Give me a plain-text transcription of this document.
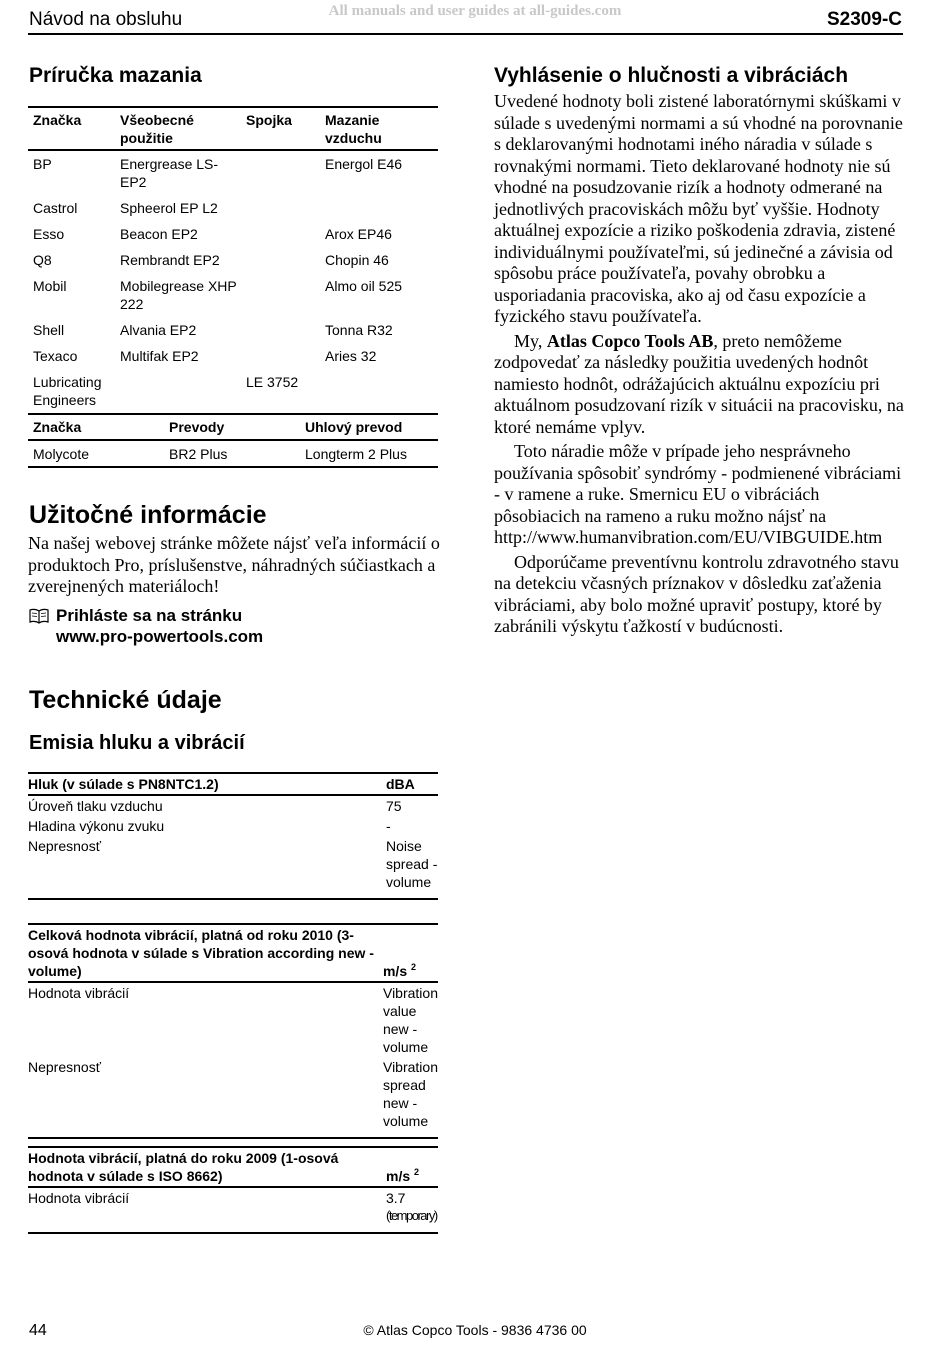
Návod na obsluhu	All manuals and user guides at all-guides.com	S2309-C
Príručka mazania
Značka	Všeobecné použitie	Spojka	Mazanie vzduchu
BP	Energrease LS-EP2		Energol E46
Castrol	Spheerol EP L2		
Esso	Beacon EP2		Arox EP46
Q8	Rembrandt EP2		Chopin 46
Mobil	Mobilegrease XHP 222		Almo oil 525
Shell	Alvania EP2		Tonna R32
Texaco	Multifak EP2		Aries 32
Lubricating Engineers		LE 3752	
Značka	Prevody	Uhlový prevod
Molycote	BR2 Plus	Longterm 2 Plus
Užitočné informácie
Na našej webovej stránke môžete nájsť veľa informácií o produktoch Pro, príslušenstve, náhradných súčiastkach a zverejnených materiáloch!
Prihláste sa na stránku
www.pro-powertools.com
Technické údaje
Emisia hluku a vibrácií
Hluk (v súlade s PN8NTC1.2)	dBA
Úroveň tlaku vzduchu	75
Hladina výkonu zvuku	-
Nepresnosť	Noise spread - volume
Celková hodnota vibrácií, platná od roku 2010 (3-osová hodnota v súlade s Vibration according new - volume)	m/s $^2$
Hodnota vibrácií	Vibration value new - volume
Nepresnosť	Vibration spread new - volume
Hodnota vibrácií, platná do roku 2009 (1-osová hodnota v súlade s ISO 8662)	m/s $^2$
Hodnota vibrácií	3.7
(temporary)
Vyhlásenie o hlučnosti a vibráciách

Uvedené hodnoty boli zistené laboratórnymi skúškami v súlade s uvedenými normami a sú vhodné na porovnanie s deklarovanými hodnotami iného náradia v súlade s rovnakými normami. Tieto deklarované hodnoty nie sú vhodné na posudzovanie rizík a hodnoty odmerané na jednotlivých pracoviskách môžu byť vyššie. Hodnoty aktuálnej expozície a riziko poškodenia zdravia, zistené individuálnymi používateľmi, sú jedinečné a závisia od spôsobu práce používateľa, povahy obrobku a usporiadania pracoviska, ako aj od času expozície a fyzického stavu používateľa.

My, Atlas Copco Tools AB, preto nemôžeme zodpovedať za následky použitia uvedených hodnôt namiesto hodnôt, odrážajúcich aktuálnu expozíciu pri aktuálnom posudzovaní rizík v situácii na pracovisku, na ktoré nemáme vplyv.

Toto náradie môže v prípade jeho nesprávneho používania spôsobiť syndrómy - podmienené vibráciami - v ramene a ruke. Smernicu EU o vibráciách pôsobiacich na rameno a ruku možno nájsť na http://www.humanvibration.com/EU/VIBGUIDE.htm

Odporúčame preventívnu kontrolu zdravotného stavu na detekciu včasných príznakov v dôsledku zaťaženia vibráciami, aby bolo možné upraviť postupy, ktoré by zabránili výskytu ťažkostí v budúcnosti.

44	© Atlas Copco Tools - 9836 4736 00
